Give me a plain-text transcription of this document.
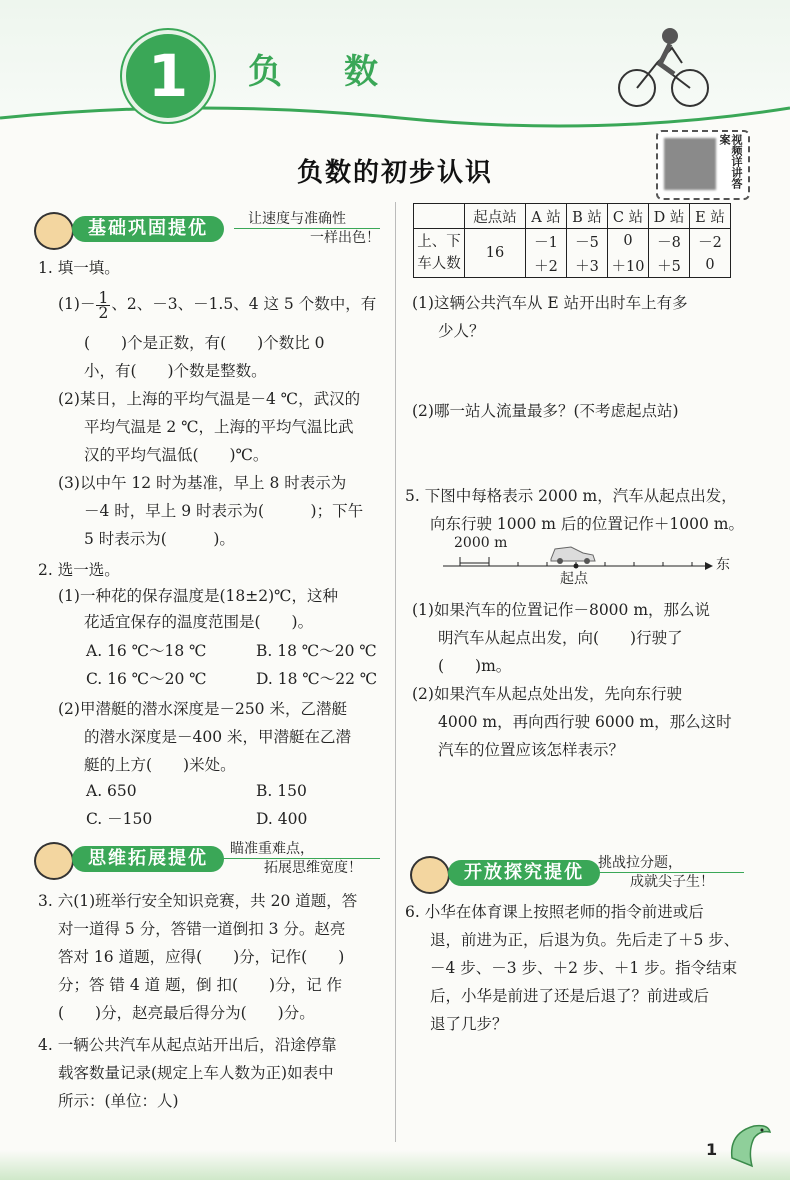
1	负数
视频详讲答案
负数的初步认识
基础巩固提优	让速度与准确性
一样出色！
1. 填一填。
$(1)- \frac{1}{2}$ 、2、－3、－1.5、4 这 5 个数中，有
(　　)个是正数，有(　　)个数比 0
小，有(　　)个数是整数。
(2)某日，上海的平均气温是－4 ℃，武汉的
平均气温是 2 ℃，上海的平均气温比武
汉的平均气温低(　　)℃。
(3)以中午 12 时为基准，早上 8 时表示为
－4 时，早上 9 时表示为(　　　)；下午
5 时表示为(　　　)。
2. 选一选。
(1)一种花的保存温度是(18±2)℃，这种
花适宜保存的温度范围是(　　)。
A. 16 ℃～18 ℃	B. 18 ℃～20 ℃
C. 16 ℃～20 ℃	D. 18 ℃～22 ℃
(2)甲潜艇的潜水深度是－250 米，乙潜艇
的潜水深度是－400 米，甲潜艇在乙潜
艇的上方(　　)米处。
A. 650	B. 150
C. －150	D. 400
思维拓展提优	瞄准重难点，
拓展思维宽度！
3. 六(1)班举行安全知识竞赛，共 20 道题，答
对一道得 5 分，答错一道倒扣 3 分。赵亮
答对 16 道题，应得(　　)分，记作(　　)
分；答 错 4 道 题，倒 扣(　　)分，记 作
(　　)分，赵亮最后得分为(　　)分。
4. 一辆公共汽车从起点站开出后，沿途停靠
载客数量记录(规定上车人数为正)如表中
所示：(单位：人)
	起点站	A 站	B 站	C 站	D 站	E 站
上、下
车人数	16	－1	－5	0	－8	－2
		＋2	＋3	＋10	＋5	0
(1)这辆公共汽车从 E 站开出时车上有多
少人？
(2)哪一站人流量最多？(不考虑起点站)
5. 下图中每格表示 2000 m，汽车从起点出发，
向东行驶 1000 m 后的位置记作＋1000 m。
2000 m
起点
东
(1)如果汽车的位置记作－8000 m，那么说
明汽车从起点出发，向(　　)行驶了
(　　)m。
(2)如果汽车从起点处出发，先向东行驶
4000 m，再向西行驶 6000 m，那么这时
汽车的位置应该怎样表示？
开放探究提优	挑战拉分题，
成就尖子生！
6. 小华在体育课上按照老师的指令前进或后
退，前进为正，后退为负。先后走了＋5 步、
－4 步、－3 步、＋2 步、＋1 步。指令结束
后，小华是前进了还是后退了？前进或后
退了几步？
1
